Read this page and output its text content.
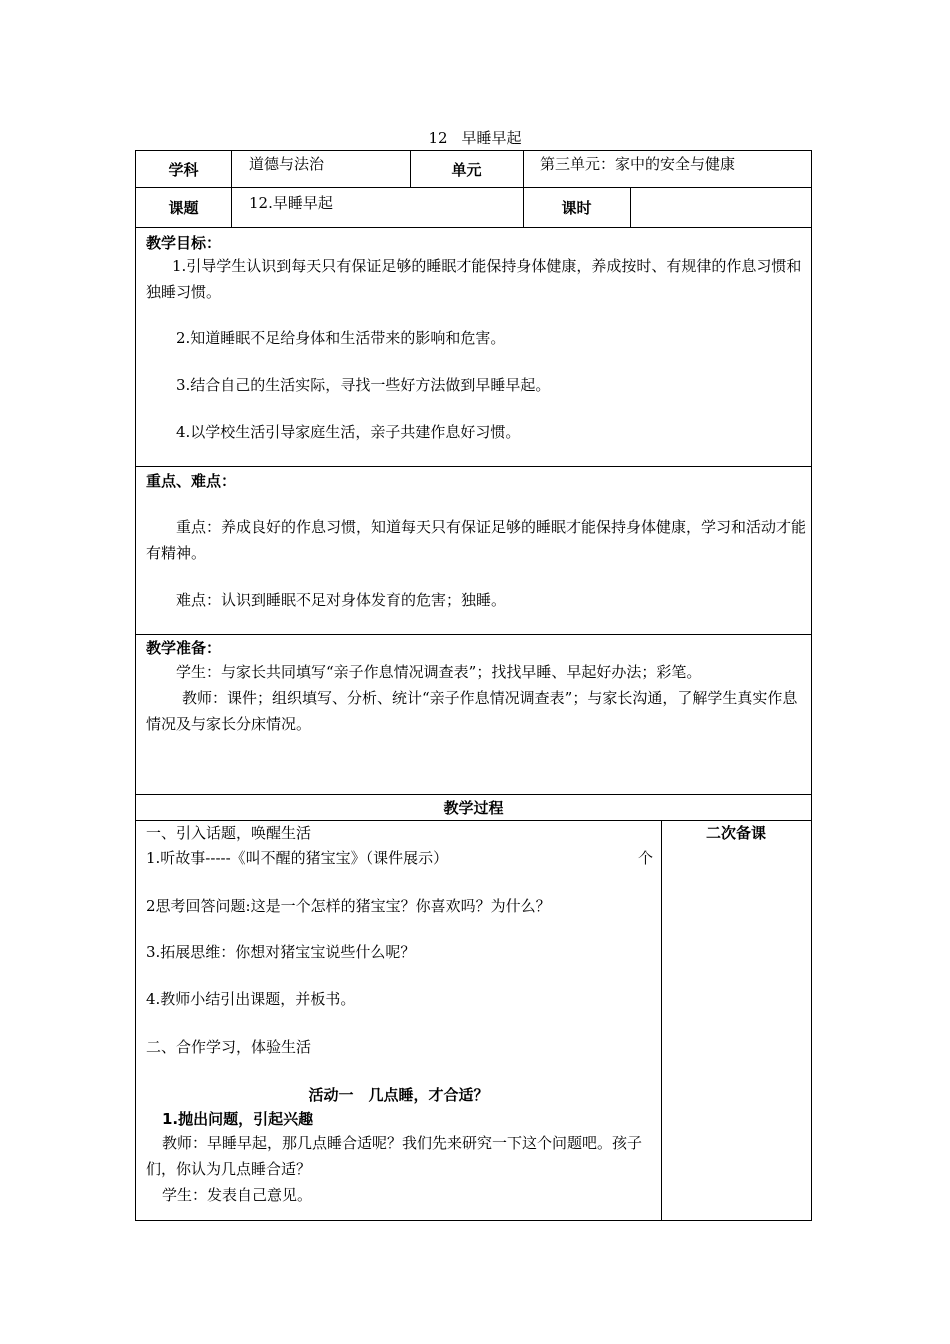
12 早睡早起
学科	道德与法治	单元	第三单元：家中的安全与健康
课题	12.早睡早起	课时
教学目标：
1.引导学生认识到每天只有保证足够的睡眠才能保持身体健康，养成按时、有规律的作息习惯和独睡习惯。
2.知道睡眠不足给身体和生活带来的影响和危害。
3.结合自己的生活实际，寻找一些好方法做到早睡早起。
4.以学校生活引导家庭生活，亲子共建作息好习惯。
重点、难点：
重点：养成良好的作息习惯，知道每天只有保证足够的睡眠才能保持身体健康，学习和活动才能有精神。
难点：认识到睡眠不足对身体发育的危害；独睡。
教学准备：
学生：与家长共同填写“亲子作息情况调查表”；找找早睡、早起好办法；彩笔。
教师：课件；组织填写、分析、统计“亲子作息情况调查表”；与家长沟通，了解学生真实作息情况及与家长分床情况。
教学过程
一、引入话题，唤醒生活
1.听故事-----《叫不醒的猪宝宝》（课件展示）	个
2思考回答问题:这是一个怎样的猪宝宝？你喜欢吗？为什么？
3.拓展思维：你想对猪宝宝说些什么呢？
4.教师小结引出课题，并板书。
二、合作学习，体验生活
活动一　几点睡，才合适？
1.抛出问题，引起兴趣
教师：早睡早起，那几点睡合适呢？我们先来研究一下这个问题吧。孩子们，你认为几点睡合适？
学生：发表自己意见。
二次备课
